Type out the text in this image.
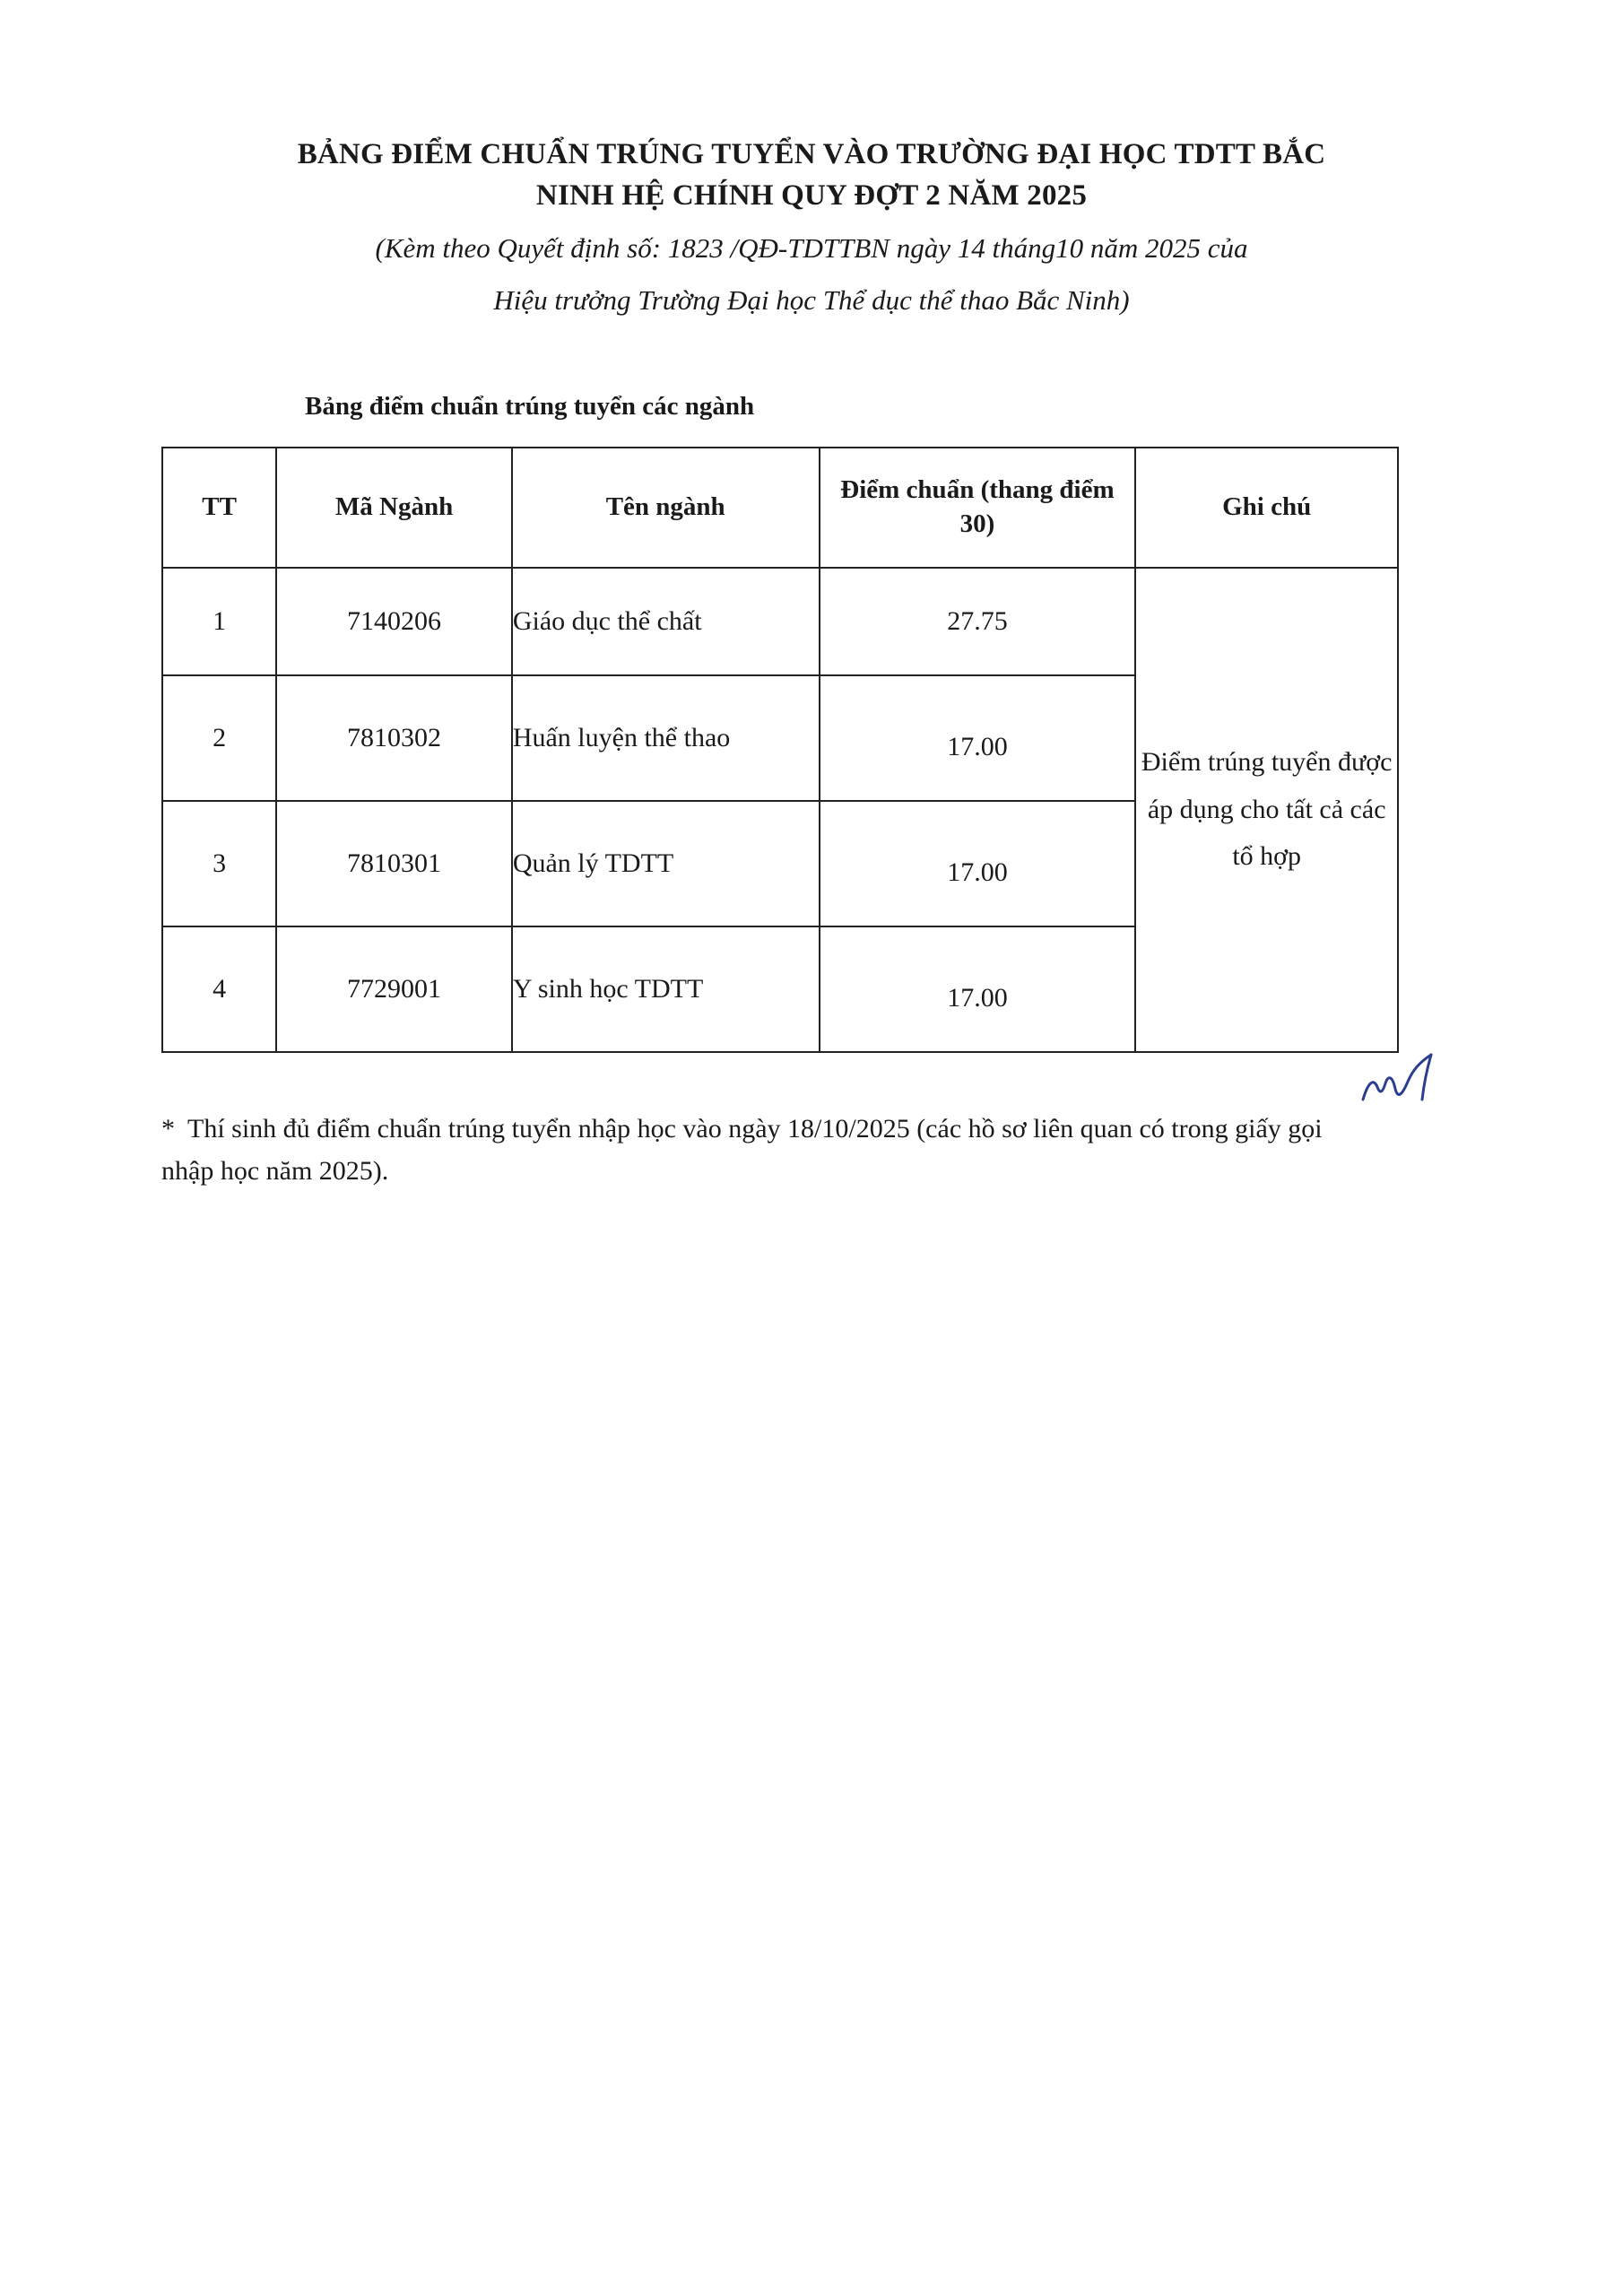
BẢNG ĐIỂM CHUẨN TRÚNG TUYỂN VÀO TRƯỜNG ĐẠI HỌC TDTT BẮC
NINH HỆ CHÍNH QUY ĐỢT 2 NĂM 2025
(Kèm theo Quyết định số: 1823 /QĐ-TDTTBN ngày 14 tháng10 năm 2025 của
Hiệu trưởng Trường Đại học Thể dục thể thao Bắc Ninh)
Bảng điểm chuẩn trúng tuyển các ngành
TT	Mã Ngành	Tên ngành	Điểm chuẩn (thang điểm 30)	Ghi chú
1	7140206	Giáo dục thể chất	27.75	Điểm trúng tuyển được áp dụng cho tất cả các tổ hợp
2	7810302	Huấn luyện thể thao	17.00	
3	7810301	Quản lý TDTT	17.00	
4	7729001	Y sinh học TDTT	17.00	
* Thí sinh đủ điểm chuẩn trúng tuyển nhập học vào ngày 18/10/2025 (các hồ sơ liên quan có trong giấy gọi nhập học năm 2025).
